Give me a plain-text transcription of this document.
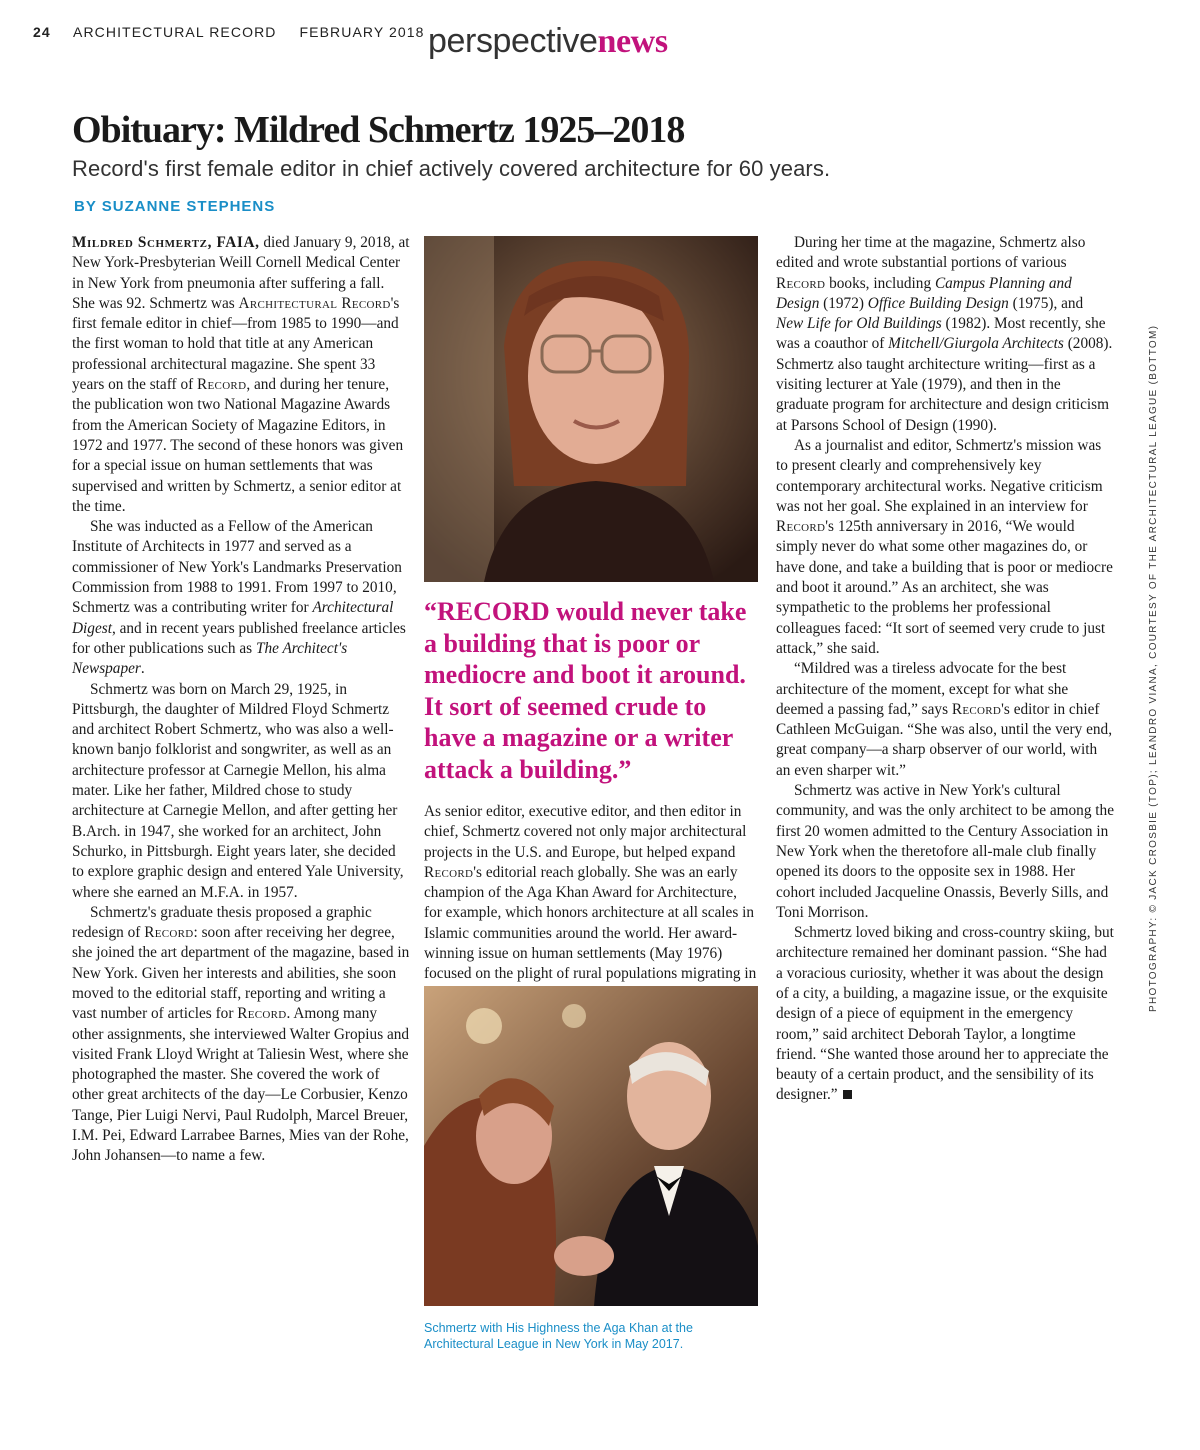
24 ARCHITECTURAL RECORD FEBRUARY 2018 perspectivenews
Obituary: Mildred Schmertz 1925–2018

Record's first female editor in chief actively covered architecture for 60 years.

BY SUZANNE STEPHENS

Mildred Schmertz, FAIA, died January 9, 2018, at New York-Presbyterian Weill Cornell Medical Center in New York from pneumonia after suffering a fall. She was 92. Schmertz was Architectural Record's first female editor in chief—from 1985 to 1990—and the first woman to hold that title at any American professional architectural magazine. She spent 33 years on the staff of Record, and during her tenure, the publication won two National Magazine Awards from the American Society of Magazine Editors, in 1972 and 1977. The second of these honors was given for a special issue on human settlements that was supervised and written by Schmertz, a senior editor at the time.

She was inducted as a Fellow of the American Institute of Architects in 1977 and served as a commissioner of New York's Landmarks Preservation Commission from 1988 to 1991. From 1997 to 2010, Schmertz was a contributing writer for Architectural Digest, and in recent years published freelance articles for other publications such as The Architect's Newspaper.

Schmertz was born on March 29, 1925, in Pittsburgh, the daughter of Mildred Floyd Schmertz and architect Robert Schmertz, who was also a well-known banjo folklorist and songwriter, as well as an architecture professor at Carnegie Mellon, his alma mater. Like her father, Mildred chose to study architecture at Carnegie Mellon, and after getting her B.Arch. in 1947, she worked for an architect, John Schurko, in Pittsburgh. Eight years later, she decided to explore graphic design and entered Yale University, where she earned an M.F.A. in 1957.

Schmertz's graduate thesis proposed a graphic redesign of Record: soon after receiving her degree, she joined the art department of the magazine, based in New York. Given her interests and abilities, she soon moved to the editorial staff, reporting and writing a vast number of articles for Record. Among many other assignments, she interviewed Walter Gropius and visited Frank Lloyd Wright at Taliesin West, where she photographed the master. She covered the work of other great architects of the day—Le Corbusier, Kenzo Tange, Pier Luigi Nervi, Paul Rudolph, Marcel Breuer, I.M. Pei, Edward Larrabee Barnes, Mies van der Rohe, John Johansen—to name a few.

“RECORD would never take a building that is poor or mediocre and boot it around. It sort of seemed crude to have a magazine or a writer attack a building.”

As senior editor, executive editor, and then editor in chief, Schmertz covered not only major architectural projects in the U.S. and Europe, but helped expand Record's editorial reach globally. She was an early champion of the Aga Khan Award for Architecture, for example, which honors architecture at all scales in Islamic communities around the world. Her award-winning issue on human settlements (May 1976) focused on the plight of rural populations migrating in

Schmertz with His Highness the Aga Khan at the Architectural League in New York in May 2017.

During her time at the magazine, Schmertz also edited and wrote substantial portions of various Record books, including Campus Planning and Design (1972) Office Building Design (1975), and New Life for Old Buildings (1982). Most recently, she was a coauthor of Mitchell/Giurgola Architects (2008). Schmertz also taught architecture writing—first as a visiting lecturer at Yale (1979), and then in the graduate program for architecture and design criticism at Parsons School of Design (1990).

As a journalist and editor, Schmertz's mission was to present clearly and comprehensively key contemporary architectural works. Negative criticism was not her goal. She explained in an interview for Record's 125th anniversary in 2016, “We would simply never do what some other magazines do, or have done, and take a building that is poor or mediocre and boot it around.” As an architect, she was sympathetic to the problems her professional colleagues faced: “It sort of seemed very crude to just attack,” she said.

“Mildred was a tireless advocate for the best architecture of the moment, except for what she deemed a passing fad,” says Record's editor in chief Cathleen McGuigan. “She was also, until the very end, great company—a sharp observer of our world, with an even sharper wit.”

Schmertz was active in New York's cultural community, and was the only architect to be among the first 20 women admitted to the Century Association in New York when the theretofore all-male club finally opened its doors to the opposite sex in 1988. Her cohort included Jacqueline Onassis, Beverly Sills, and Toni Morrison.

Schmertz loved biking and cross-country skiing, but architecture remained her dominant passion. “She had a voracious curiosity, whether it was about the design of a city, a building, a magazine issue, or the exquisite design of a piece of equipment in the emergency room,” said architect Deborah Taylor, a longtime friend. “She wanted those around her to appreciate the beauty of a certain product, and the sensibility of its designer.”

PHOTOGRAPHY: © JACK CROSBIE (TOP); LEANDRO VIANA, COURTESY OF THE ARCHITECTURAL LEAGUE (BOTTOM)
